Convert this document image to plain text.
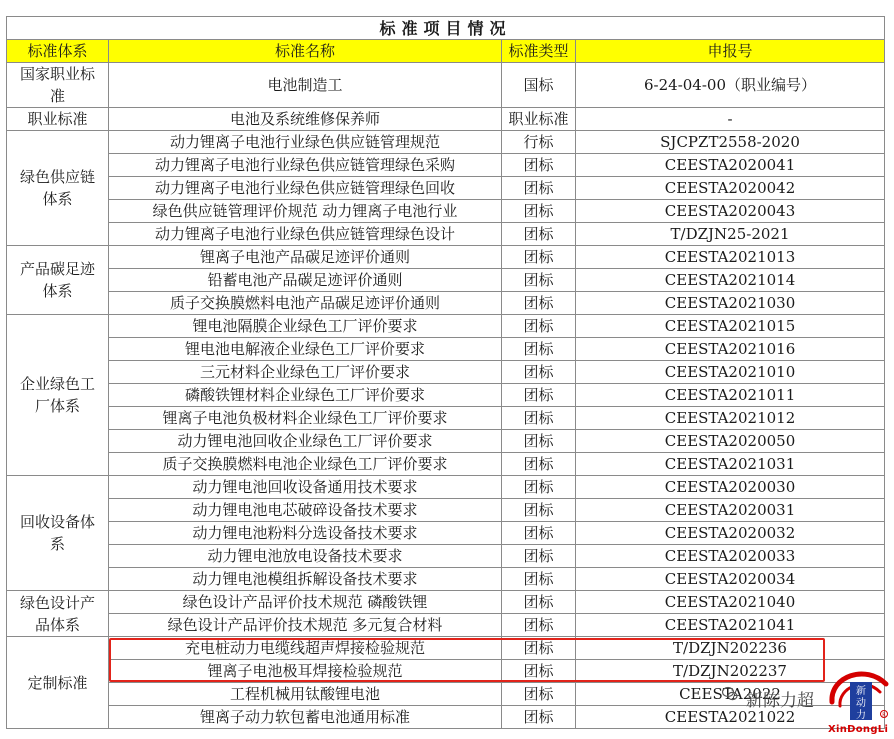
标准项目情况			
标准体系	标准名称	标准类型	申报号
国家职业标准	电池制造工	国标	6-24-04-00（职业编号）
职业标准	电池及系统维修保养师	职业标准	-
绿色供应链体系	动力锂离子电池行业绿色供应链管理规范	行标	SJCPZT2558-2020
	动力锂离子电池行业绿色供应链管理绿色采购	团标	CEESTA2020041
	动力锂离子电池行业绿色供应链管理绿色回收	团标	CEESTA2020042
	绿色供应链管理评价规范 动力锂离子电池行业	团标	CEESTA2020043
	动力锂离子电池行业绿色供应链管理绿色设计	团标	T/DZJN25-2021
产品碳足迹体系	锂离子电池产品碳足迹评价通则	团标	CEESTA2021013
	铅蓄电池产品碳足迹评价通则	团标	CEESTA2021014
	质子交换膜燃料电池产品碳足迹评价通则	团标	CEESTA2021030
企业绿色工厂体系	锂电池隔膜企业绿色工厂评价要求	团标	CEESTA2021015
	锂电池电解液企业绿色工厂评价要求	团标	CEESTA2021016
	三元材料企业绿色工厂评价要求	团标	CEESTA2021010
	磷酸铁锂材料企业绿色工厂评价要求	团标	CEESTA2021011
	锂离子电池负极材料企业绿色工厂评价要求	团标	CEESTA2021012
	动力锂电池回收企业绿色工厂评价要求	团标	CEESTA2020050
	质子交换膜燃料电池企业绿色工厂评价要求	团标	CEESTA2021031
回收设备体系	动力锂电池回收设备通用技术要求	团标	CEESTA2020030
	动力锂电池电芯破碎设备技术要求	团标	CEESTA2020031
	动力锂电池粉料分选设备技术要求	团标	CEESTA2020032
	动力锂电池放电设备技术要求	团标	CEESTA2020033
	动力锂电池模组拆解设备技术要求	团标	CEESTA2020034
绿色设计产品体系	绿色设计产品评价技术规范 磷酸铁锂	团标	CEESTA2021040
	绿色设计产品评价技术规范 多元复合材料	团标	CEESTA2021041
定制标准	充电桩动力电缆线超声焊接检验规范	团标	T/DZJN202236
	锂离子电池极耳焊接检验规范	团标	T/DZJN202237
	工程机械用钛酸锂电池	团标	CEESTA2022
	锂离子动力软包蓄电池通用标准	团标	CEESTA2021022
新陈力超	新
动
力	R
XinDongLi
